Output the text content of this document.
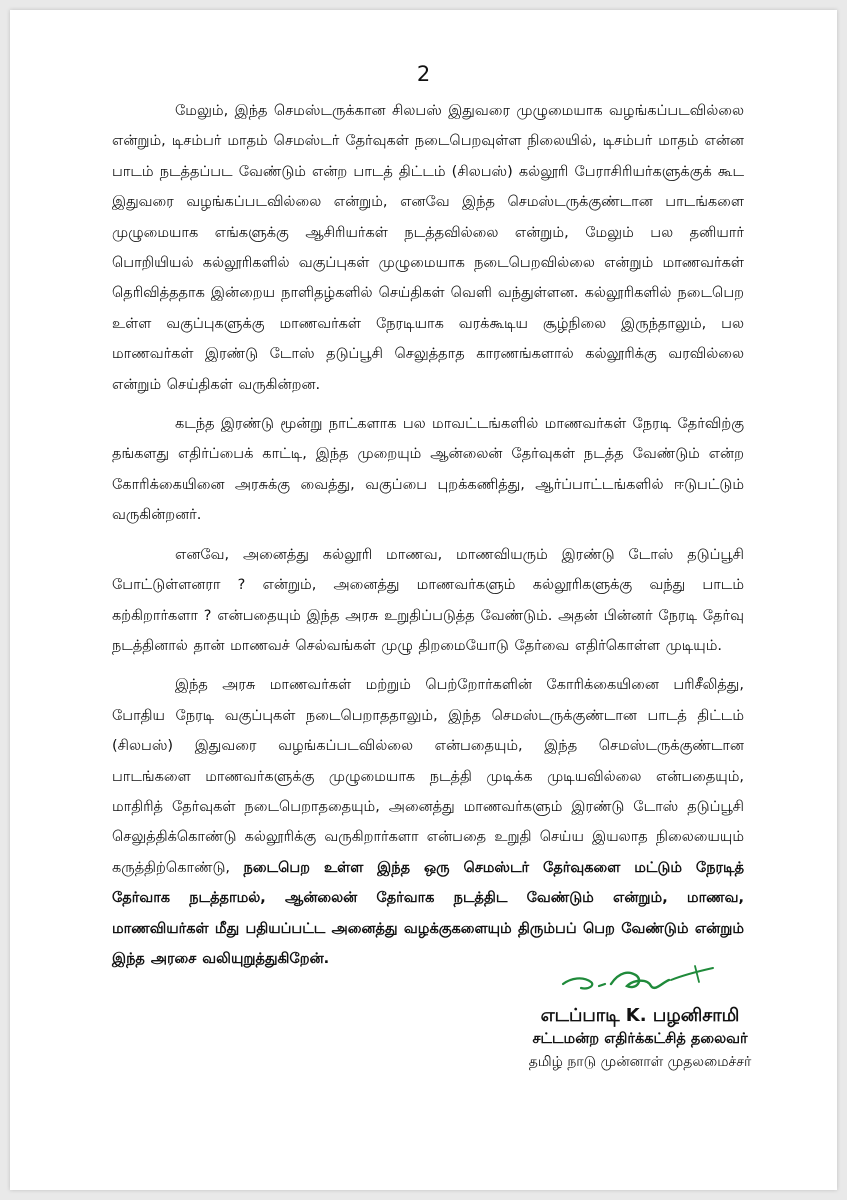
2

மேலும், இந்த செமஸ்டருக்கான சிலபஸ் இதுவரை முழுமையாக வழங்கப்படவில்லை என்றும், டிசம்பர் மாதம் செமஸ்டர் தேர்வுகள் நடைபெறவுள்ள நிலையில், டிசம்பர் மாதம் என்ன பாடம் நடத்தப்பட வேண்டும் என்ற பாடத் திட்டம் (சிலபஸ்) கல்லூரி பேராசிரியர்களுக்குக் கூட இதுவரை வழங்கப்படவில்லை என்றும், எனவே இந்த செமஸ்டருக்குண்டான பாடங்களை முழுமையாக எங்களுக்கு ஆசிரியர்கள் நடத்தவில்லை என்றும், மேலும் பல தனியார் பொறியியல் கல்லூரிகளில் வகுப்புகள் முழுமையாக நடைபெறவில்லை என்றும் மாணவர்கள் தெரிவித்ததாக இன்றைய நாளிதழ்களில் செய்திகள் வெளி வந்துள்ளன. கல்லூரிகளில் நடைபெற உள்ள வகுப்புகளுக்கு மாணவர்கள் நேரடியாக வரக்கூடிய சூழ்நிலை இருந்தாலும், பல மாணவர்கள் இரண்டு டோஸ் தடுப்பூசி செலுத்தாத காரணங்களால் கல்லூரிக்கு வரவில்லை என்றும் செய்திகள் வருகின்றன.

கடந்த இரண்டு மூன்று நாட்களாக பல மாவட்டங்களில் மாணவர்கள் நேரடி தேர்விற்கு தங்களது எதிர்ப்பைக் காட்டி, இந்த முறையும் ஆன்லைன் தேர்வுகள் நடத்த வேண்டும் என்ற கோரிக்கையினை அரசுக்கு வைத்து, வகுப்பை புறக்கணித்து, ஆர்ப்பாட்டங்களில் ஈடுபட்டும் வருகின்றனர்.

எனவே, அனைத்து கல்லூரி மாணவ, மாணவியரும் இரண்டு டோஸ் தடுப்பூசி போட்டுள்ளனரா ? என்றும், அனைத்து மாணவர்களும் கல்லூரிகளுக்கு வந்து பாடம் கற்கிறார்களா ? என்பதையும் இந்த அரசு உறுதிப்படுத்த வேண்டும். அதன் பின்னர் நேரடி தேர்வு நடத்தினால் தான் மாணவச் செல்வங்கள் முழு திறமையோடு தேர்வை எதிர்கொள்ள முடியும்.

இந்த அரசு மாணவர்கள் மற்றும் பெற்றோர்களின் கோரிக்கையினை பரிசீலித்து, போதிய நேரடி வகுப்புகள் நடைபெறாததாலும், இந்த செமஸ்டருக்குண்டான பாடத் திட்டம் (சிலபஸ்) இதுவரை வழங்கப்படவில்லை என்பதையும், இந்த செமஸ்டருக்குண்டான பாடங்களை மாணவர்களுக்கு முழுமையாக நடத்தி முடிக்க முடியவில்லை என்பதையும், மாதிரித் தேர்வுகள் நடைபெறாததையும், அனைத்து மாணவர்களும் இரண்டு டோஸ் தடுப்பூசி செலுத்திக்கொண்டு கல்லூரிக்கு வருகிறார்களா என்பதை உறுதி செய்ய இயலாத நிலையையும் கருத்திற்கொண்டு, நடைபெற உள்ள இந்த ஒரு செமஸ்டர் தேர்வுகளை மட்டும் நேரடித் தேர்வாக நடத்தாமல், ஆன்லைன் தேர்வாக நடத்திட வேண்டும் என்றும், மாணவ, மாணவியர்கள் மீது பதியப்பட்ட அனைத்து வழக்குகளையும் திரும்பப் பெற வேண்டும் என்றும் இந்த அரசை வலியுறுத்துகிறேன்.

எடப்பாடி K. பழனிசாமி
சட்டமன்ற எதிர்க்கட்சித் தலைவர்
தமிழ் நாடு முன்னாள் முதலமைச்சர்
